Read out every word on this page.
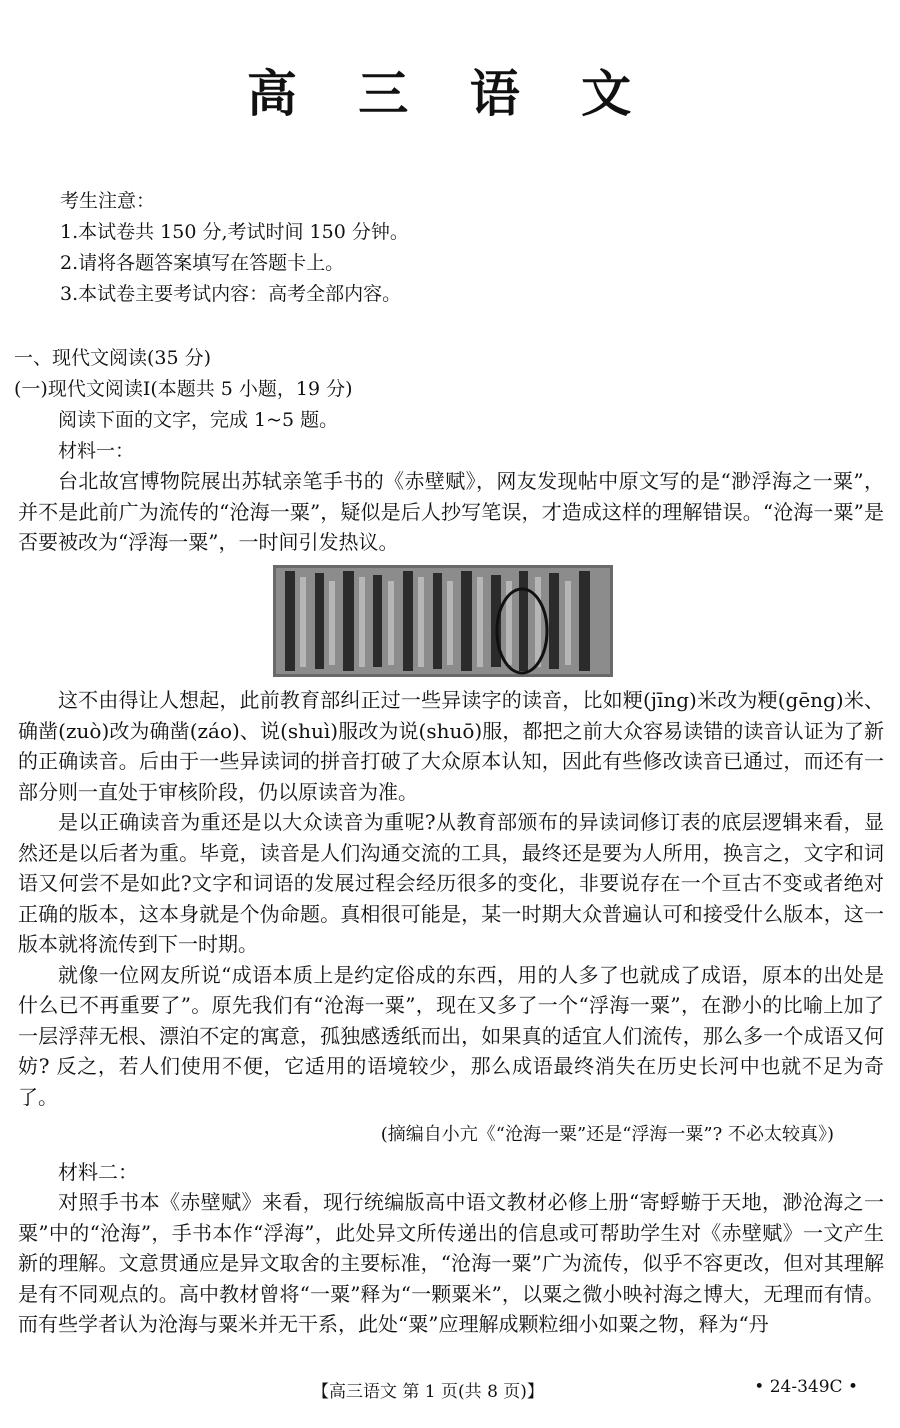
高 三 语 文
考生注意：
1.本试卷共 150 分,考试时间 150 分钟。
2.请将各题答案填写在答题卡上。
3.本试卷主要考试内容：高考全部内容。
一、现代文阅读(35 分)
(一)现代文阅读Ⅰ(本题共 5 小题，19 分)
阅读下面的文字，完成 1~5 题。
材料一：

台北故宫博物院展出苏轼亲笔手书的《赤壁赋》，网友发现帖中原文写的是“渺浮海之一粟”，并不是此前广为流传的“沧海一粟”，疑似是后人抄写笔误，才造成这样的理解错误。“沧海一粟”是否要被改为“浮海一粟”，一时间引发热议。

这不由得让人想起，此前教育部纠正过一些异读字的读音，比如粳(jīng)米改为粳(gēng)米、确凿(zuò)改为确凿(záo)、说(shuì)服改为说(shuō)服，都把之前大众容易读错的读音认证为了新的正确读音。后由于一些异读词的拼音打破了大众原本认知，因此有些修改读音已通过，而还有一部分则一直处于审核阶段，仍以原读音为准。

是以正确读音为重还是以大众读音为重呢?从教育部颁布的异读词修订表的底层逻辑来看，显然还是以后者为重。毕竟，读音是人们沟通交流的工具，最终还是要为人所用，换言之，文字和词语又何尝不是如此?文字和词语的发展过程会经历很多的变化，非要说存在一个亘古不变或者绝对正确的版本，这本身就是个伪命题。真相很可能是，某一时期大众普遍认可和接受什么版本，这一版本就将流传到下一时期。

就像一位网友所说“成语本质上是约定俗成的东西，用的人多了也就成了成语，原本的出处是什么已不再重要了”。原先我们有“沧海一粟”，现在又多了一个“浮海一粟”，在渺小的比喻上加了一层浮萍无根、漂泊不定的寓意，孤独感透纸而出，如果真的适宜人们流传，那么多一个成语又何妨? 反之，若人们使用不便，它适用的语境较少，那么成语最终消失在历史长河中也就不足为奇了。

(摘编自小亢《“沧海一粟”还是“浮海一粟”? 不必太较真》)

材料二：

对照手书本《赤壁赋》来看，现行统编版高中语文教材必修上册“寄蜉蝣于天地，渺沧海之一粟”中的“沧海”，手书本作“浮海”，此处异文所传递出的信息或可帮助学生对《赤壁赋》一文产生新的理解。文意贯通应是异文取舍的主要标准，“沧海一粟”广为流传，似乎不容更改，但对其理解是有不同观点的。高中教材曾将“一粟”释为“一颗粟米”，以粟之微小映衬海之博大，无理而有情。而有些学者认为沧海与粟米并无干系，此处“粟”应理解成颗粒细小如粟之物，释为“丹

【高三语文 第 1 页(共 8 页)】	• 24-349C •
